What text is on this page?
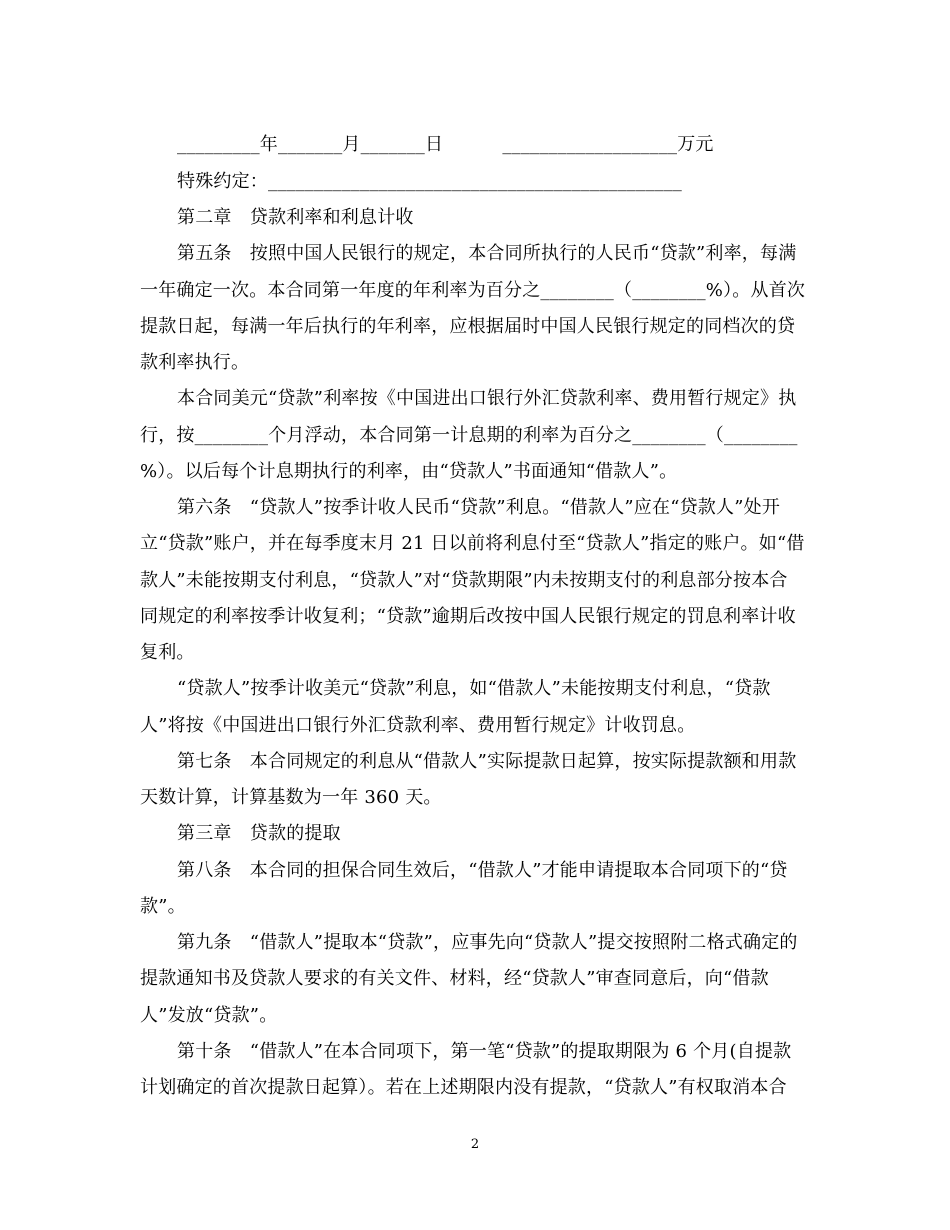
_________年_______月_______日          ___________________万元
特殊约定：_____________________________________________
第二章　贷款利率和利息计收
第五条　按照中国人民银行的规定，本合同所执行的人民币“贷款”利率，每满
一年确定一次。本合同第一年度的年利率为百分之________（________%）。从首次
提款日起，每满一年后执行的年利率，应根据届时中国人民银行规定的同档次的贷
款利率执行。
本合同美元“贷款”利率按《中国进出口银行外汇贷款利率、费用暂行规定》执
行，按________个月浮动，本合同第一计息期的利率为百分之________（________
%）。以后每个计息期执行的利率，由“贷款人”书面通知“借款人”。
第六条　“贷款人”按季计收人民币“贷款”利息。“借款人”应在“贷款人”处开
立“贷款”账户，并在每季度末月 21 日以前将利息付至“贷款人”指定的账户。如“借
款人”未能按期支付利息，“贷款人”对“贷款期限”内未按期支付的利息部分按本合
同规定的利率按季计收复利；“贷款”逾期后改按中国人民银行规定的罚息利率计收
复利。
“贷款人”按季计收美元“贷款”利息，如“借款人”未能按期支付利息，“贷款
人”将按《中国进出口银行外汇贷款利率、费用暂行规定》计收罚息。
第七条　本合同规定的利息从“借款人”实际提款日起算，按实际提款额和用款
天数计算，计算基数为一年 360 天。
第三章　贷款的提取
第八条　本合同的担保合同生效后，“借款人”才能申请提取本合同项下的“贷
款”。
第九条　“借款人”提取本“贷款”，应事先向“贷款人”提交按照附二格式确定的
提款通知书及贷款人要求的有关文件、材料，经“贷款人”审查同意后，向“借款
人”发放“贷款”。
第十条　“借款人”在本合同项下，第一笔“贷款”的提取期限为 6 个月(自提款
计划确定的首次提款日起算）。若在上述期限内没有提款，“贷款人”有权取消本合
2
